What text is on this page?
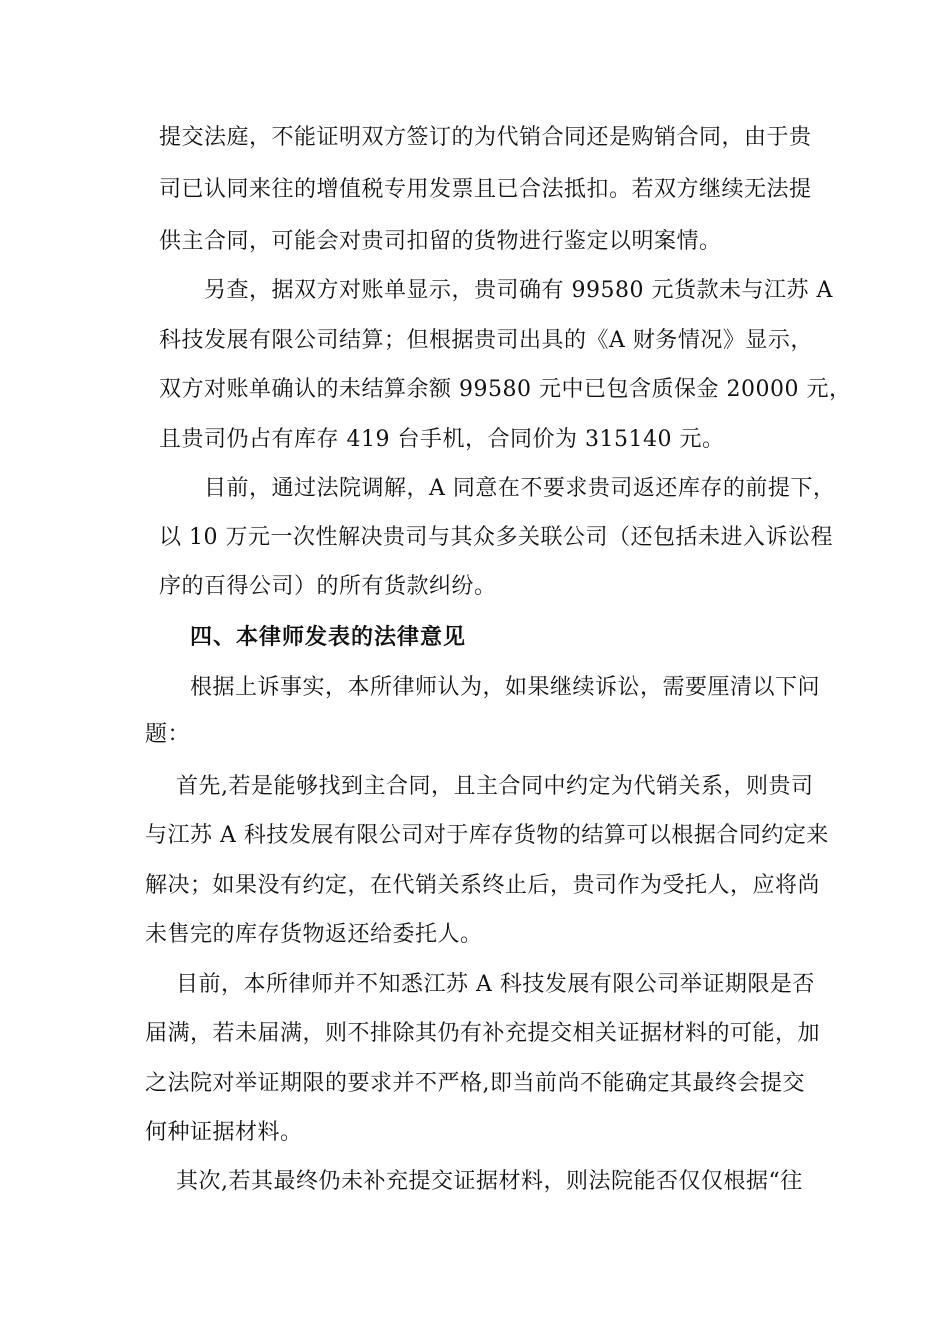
提交法庭，不能证明双方签订的为代销合同还是购销合同，由于贵
司已认同来往的增值税专用发票且已合法抵扣。若双方继续无法提
供主合同，可能会对贵司扣留的货物进行鉴定以明案情。
另查，据双方对账单显示，贵司确有 99580 元货款未与江苏 A
科技发展有限公司结算；但根据贵司出具的《A 财务情况》显示，
双方对账单确认的未结算余额 99580 元中已包含质保金 20000 元，
且贵司仍占有库存 419 台手机，合同价为 315140 元。
目前，通过法院调解，A 同意在不要求贵司返还库存的前提下，
以 10 万元一次性解决贵司与其众多关联公司（还包括未进入诉讼程
序的百得公司）的所有货款纠纷。
四、本律师发表的法律意见
根据上诉事实，本所律师认为，如果继续诉讼，需要厘清以下问
题：
首先,若是能够找到主合同，且主合同中约定为代销关系，则贵司
与江苏 A 科技发展有限公司对于库存货物的结算可以根据合同约定来
解决；如果没有约定，在代销关系终止后，贵司作为受托人，应将尚
未售完的库存货物返还给委托人。
目前，本所律师并不知悉江苏 A 科技发展有限公司举证期限是否
届满，若未届满，则不排除其仍有补充提交相关证据材料的可能，加
之法院对举证期限的要求并不严格,即当前尚不能确定其最终会提交
何种证据材料。
其次,若其最终仍未补充提交证据材料，则法院能否仅仅根据“往
